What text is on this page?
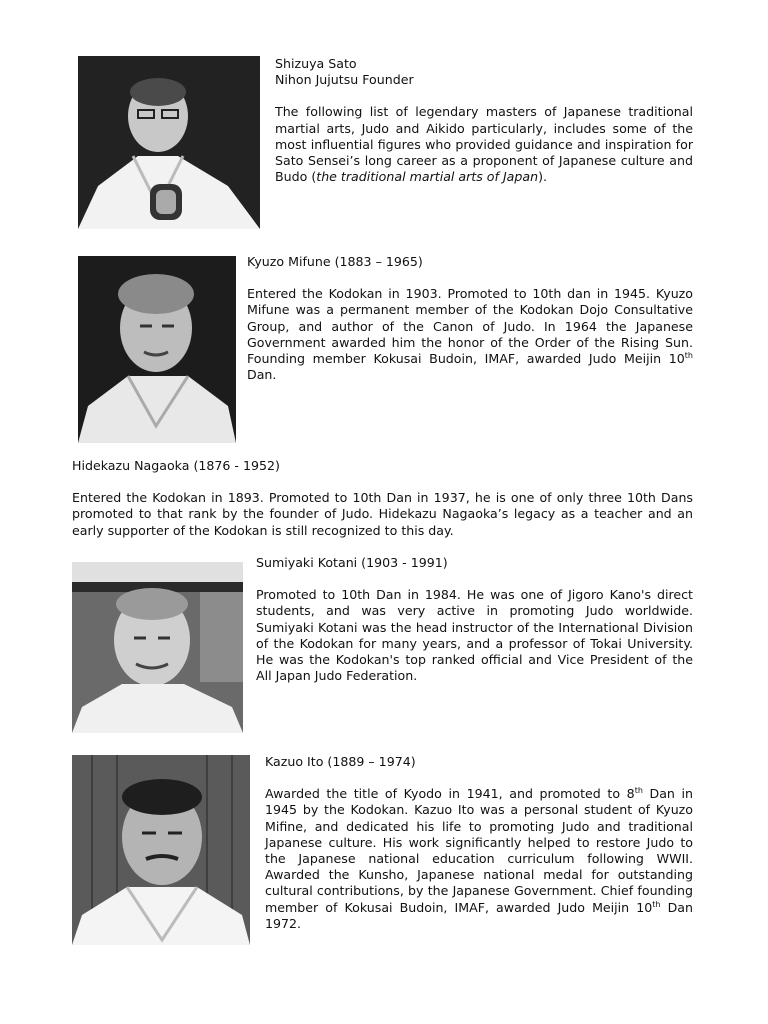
Shizuya Sato

Nihon Jujutsu Founder

The following list of legendary masters of Japanese traditional martial arts, Judo and Aikido particularly, includes some of the most influential figures who provided guidance and inspiration for Sato Sensei’s long career as a proponent of Japanese culture and Budo (the traditional martial arts of Japan).

Kyuzo Mifune (1883 – 1965)

Entered the Kodokan in 1903. Promoted to 10th dan in 1945. Kyuzo Mifune was a permanent member of the Kodokan Dojo Consultative Group, and author of the Canon of Judo. In 1964 the Japanese Government awarded him the honor of the Order of the Rising Sun. Founding member Kokusai Budoin, IMAF, awarded Judo Meijin 10th Dan.

Hidekazu Nagaoka (1876 - 1952)

Entered the Kodokan in 1893. Promoted to 10th Dan in 1937, he is one of only three 10th Dans promoted to that rank by the founder of Judo. Hidekazu Nagaoka’s legacy as a teacher and an early supporter of the Kodokan is still recognized to this day.

Sumiyaki Kotani (1903 - 1991)

Promoted to 10th Dan in 1984. He was one of Jigoro Kano's direct students, and was very active in promoting Judo worldwide. Sumiyaki Kotani was the head instructor of the International Division of the Kodokan for many years, and a professor of Tokai University. He was the Kodokan's top ranked official and Vice President of the All Japan Judo Federation.

Kazuo Ito (1889 – 1974)

Awarded the title of Kyodo in 1941, and promoted to 8th Dan in 1945 by the Kodokan. Kazuo Ito was a personal student of Kyuzo Mifine, and dedicated his life to promoting Judo and traditional Japanese culture. His work significantly helped to restore Judo to the Japanese national education curriculum following WWII. Awarded the Kunsho, Japanese national medal for outstanding cultural contributions, by the Japanese Government. Chief founding member of Kokusai Budoin, IMAF, awarded Judo Meijin 10th Dan 1972.
